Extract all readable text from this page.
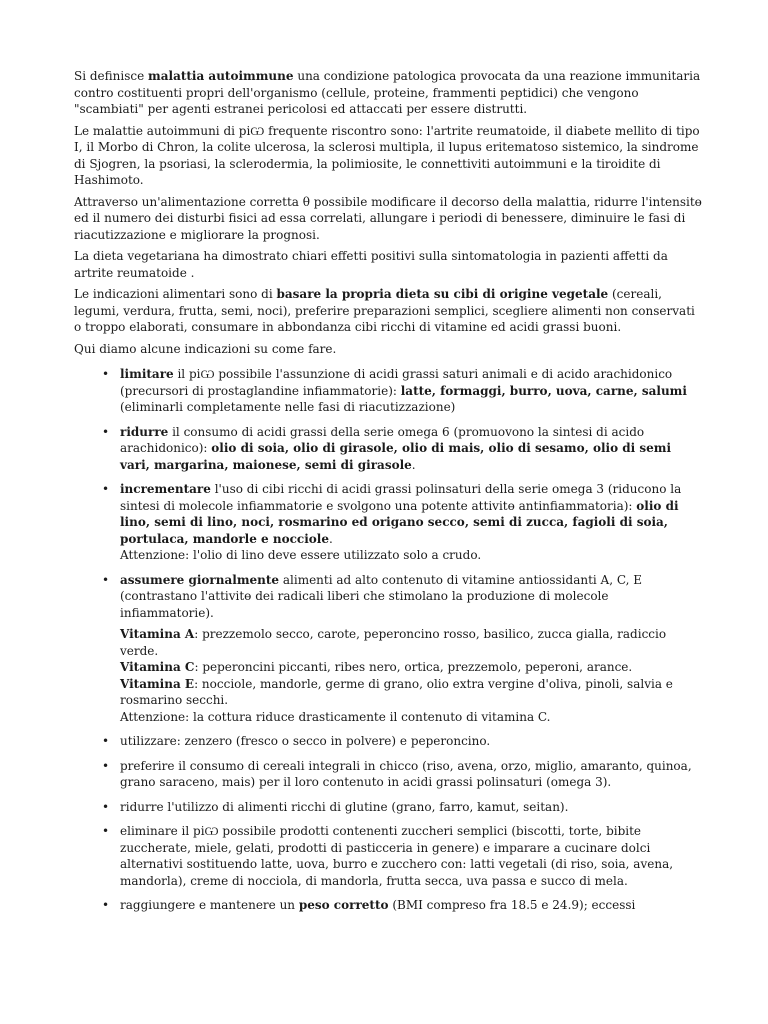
Si definisce malattia autoimmune una condizione patologica provocata da una reazione immunitaria contro costituenti propri dell'organismo (cellule, proteine, frammenti peptidici) che vengono "scambiati" per agenti estranei pericolosi ed attaccati per essere distrutti.

Le malattie autoimmuni di piѠ frequente riscontro sono: l'artrite reumatoide, il diabete mellito di tipo I, il Morbo di Chron, la colite ulcerosa, la sclerosi multipla, il lupus eritematoso sistemico, la sindrome di Sjogren, la psoriasi, la sclerodermia, la polimiosite, le connettiviti autoimmuni e la tiroidite di Hashimoto.

Attraverso un'alimentazione corretta θ possibile modificare il decorso della malattia, ridurre l'intensitө ed il numero dei disturbi fisici ad essa correlati, allungare i periodi di benessere, diminuire le fasi di riacutizzazione e migliorare la prognosi.

La dieta vegetariana ha dimostrato chiari effetti positivi sulla sintomatologia in pazienti affetti da artrite reumatoide .

Le indicazioni alimentari sono di basare la propria dieta su cibi di origine vegetale (cereali, legumi, verdura, frutta, semi, noci), preferire preparazioni semplici, scegliere alimenti non conservati o troppo elaborati, consumare in abbondanza cibi ricchi di vitamine ed acidi grassi buoni.

Qui diamo alcune indicazioni su come fare.

• limitare il piѠ possibile l'assunzione di acidi grassi saturi animali e di acido arachidonico (precursori di prostaglandine infiammatorie): latte, formaggi, burro, uova, carne, salumi (eliminarli completamente nelle fasi di riacutizzazione)
• ridurre il consumo di acidi grassi della serie omega 6 (promuovono la sintesi di acido arachidonico): olio di soia, olio di girasole, olio di mais, olio di sesamo, olio di semi vari, margarina, maionese, semi di girasole.
• incrementare l'uso di cibi ricchi di acidi grassi polinsaturi della serie omega 3 (riducono la sintesi di molecole infiammatorie e svolgono una potente attivitө antinfiammatoria): olio di lino, semi di lino, noci, rosmarino ed origano secco, semi di zucca, fagioli di soia, portulaca, mandorle e nocciole.
Attenzione: l'olio di lino deve essere utilizzato solo a crudo.
• assumere giornalmente alimenti ad alto contenuto di vitamine antiossidanti A, C, E (contrastano l'attivitө dei radicali liberi che stimolano la produzione di molecole infiammatorie).
Vitamina A: prezzemolo secco, carote, peperoncino rosso, basilico, zucca gialla, radiccio verde.
Vitamina C: peperoncini piccanti, ribes nero, ortica, prezzemolo, peperoni, arance.
Vitamina E: nocciole, mandorle, germe di grano, olio extra vergine d'oliva, pinoli, salvia e rosmarino secchi.
Attenzione: la cottura riduce drasticamente il contenuto di vitamina C.
• utilizzare: zenzero (fresco o secco in polvere) e peperoncino.
• preferire il consumo di cereali integrali in chicco (riso, avena, orzo, miglio, amaranto, quinoa, grano saraceno, mais) per il loro contenuto in acidi grassi polinsaturi (omega 3).
• ridurre l'utilizzo di alimenti ricchi di glutine (grano, farro, kamut, seitan).
• eliminare il piѠ possibile prodotti contenenti zuccheri semplici (biscotti, torte, bibite zuccherate, miele, gelati, prodotti di pasticceria in genere) e imparare a cucinare dolci alternativi sostituendo latte, uova, burro e zucchero con: latti vegetali (di riso, soia, avena, mandorla), creme di nocciola, di mandorla, frutta secca, uva passa e succo di mela.
• raggiungere e mantenere un peso corretto (BMI compreso fra 18.5 e 24.9); eccessi
